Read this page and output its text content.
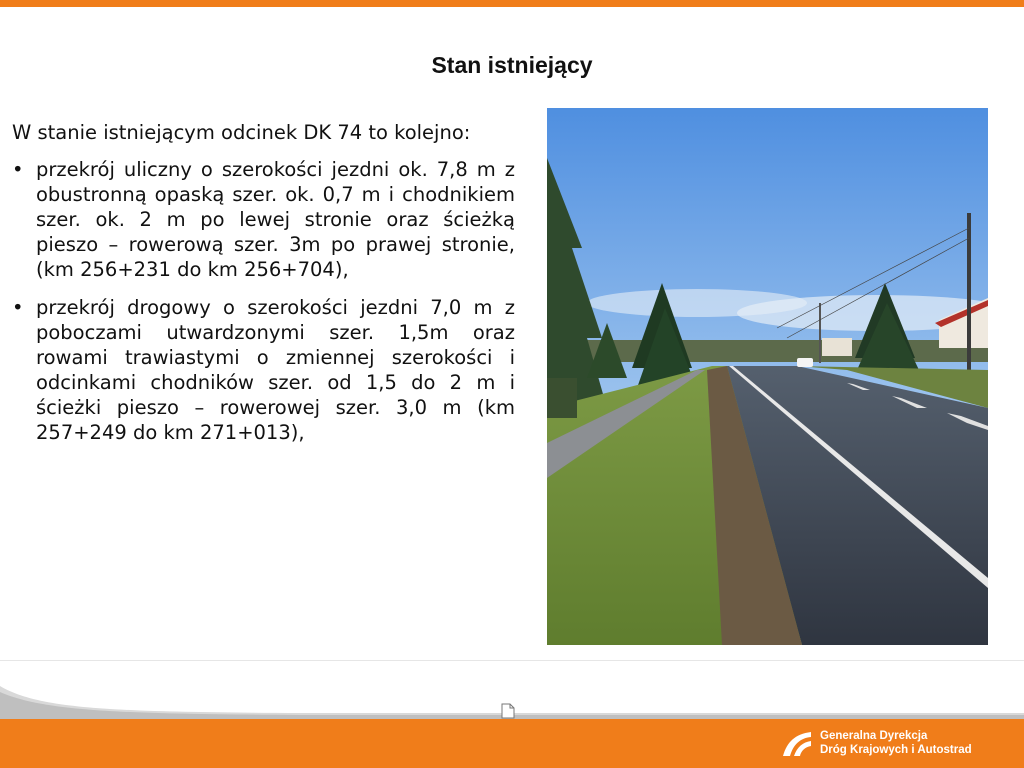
Stan istniejący

W stanie istniejącym odcinek DK 74 to kolejno:

• przekrój uliczny o szerokości jezdni ok. 7,8 m z obustronną opaską szer. ok. 0,7 m i chodnikiem szer. ok. 2 m po lewej stronie oraz ścieżką pieszo – rowerową szer. 3m po prawej stronie, (km 256+231 do km 256+704),
• przekrój drogowy o szerokości jezdni 7,0 m z poboczami utwardzonymi szer. 1,5m oraz rowami trawiastymi o zmiennej szerokości i odcinkami chodników szer. od 1,5 do 2 m i ścieżki pieszo – rowerowej szer. 3,0 m (km 257+249 do km 271+013),
Generalna Dyrekcja
Dróg Krajowych i Autostrad
